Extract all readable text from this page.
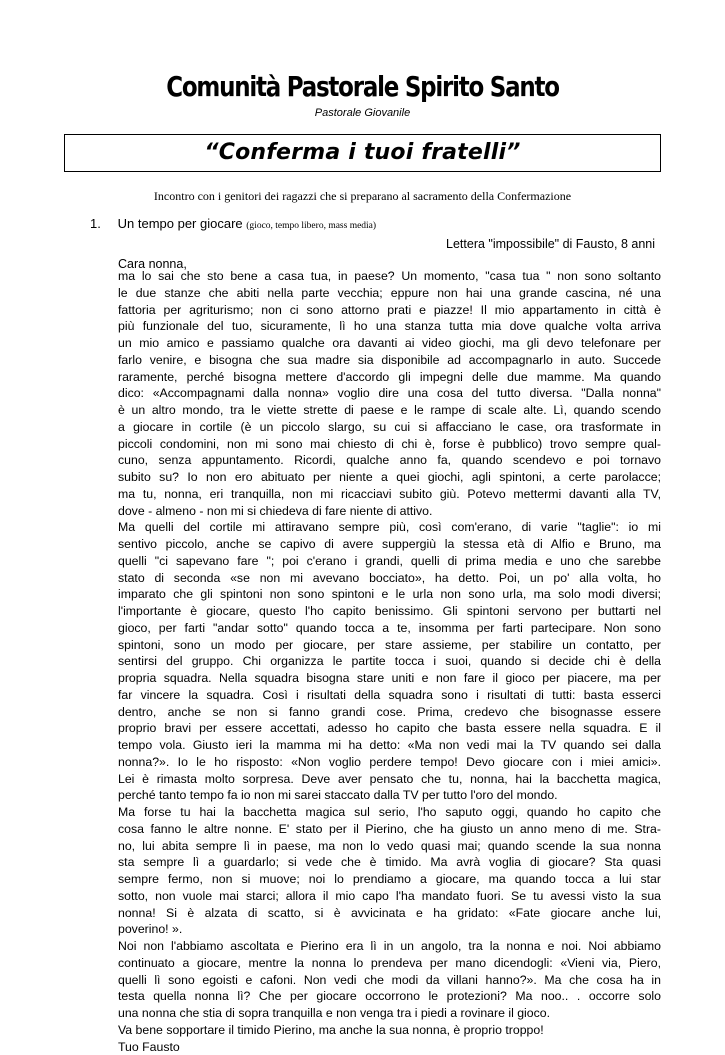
Comunità Pastorale Spirito Santo
Pastorale Giovanile
“Conferma i tuoi fratelli”
Incontro con i genitori dei ragazzi che si preparano al sacramento della Confermazione
1. Un tempo per giocare (gioco, tempo libero, mass media)
Lettera "impossibile" di Fausto, 8 anni
Cara nonna,
ma lo sai che sto bene a casa tua, in paese? Un momento, "casa tua " non sono soltanto
le due stanze che abiti nella parte vecchia; eppure non hai una grande cascina, né una
fattoria per agriturismo; non ci sono attorno prati e piazze! Il mio appartamento in città è
più funzionale del tuo, sicuramente, lì ho una stanza tutta mia dove qualche volta arriva
un mio amico e passiamo qualche ora davanti ai video giochi, ma gli devo telefonare per
farlo venire, e bisogna che sua madre sia disponibile ad accompagnarlo in auto. Succede
raramente, perché bisogna mettere d'accordo gli impegni delle due mamme. Ma quando
dico: «Accompagnami dalla nonna» voglio dire una cosa del tutto diversa. "Dalla nonna"
è un altro mondo, tra le viette strette di paese e le rampe di scale alte. Lì, quando scendo
a giocare in cortile (è un piccolo slargo, su cui si affacciano le case, ora trasformate in
piccoli condomini, non mi sono mai chiesto di chi è, forse è pubblico) trovo sempre qual-
cuno, senza appuntamento. Ricordi, qualche anno fa, quando scendevo e poi tornavo
subito su? Io non ero abituato per niente a quei giochi, agli spintoni, a certe parolacce;
ma tu, nonna, eri tranquilla, non mi ricacciavi subito giù. Potevo mettermi davanti alla TV,
dove - almeno - non mi si chiedeva di fare niente di attivo.
Ma quelli del cortile mi attiravano sempre più, così com'erano, di varie "taglie": io mi
sentivo piccolo, anche se capivo di avere suppergiù la stessa età di Alfio e Bruno, ma
quelli "ci sapevano fare "; poi c'erano i grandi, quelli di prima media e uno che sarebbe
stato di seconda «se non mi avevano bocciato», ha detto. Poi, un po' alla volta, ho
imparato che gli spintoni non sono spintoni e le urla non sono urla, ma solo modi diversi;
l'importante è giocare, questo l'ho capito benissimo. Gli spintoni servono per buttarti nel
gioco, per farti "andar sotto" quando tocca a te, insomma per farti partecipare. Non sono
spintoni, sono un modo per giocare, per stare assieme, per stabilire un contatto, per
sentirsi del gruppo. Chi organizza le partite tocca i suoi, quando si decide chi è della
propria squadra. Nella squadra bisogna stare uniti e non fare il gioco per piacere, ma per
far vincere la squadra. Così i risultati della squadra sono i risultati di tutti: basta esserci
dentro, anche se non si fanno grandi cose. Prima, credevo che bisognasse essere
proprio bravi per essere accettati, adesso ho capito che basta essere nella squadra. E il
tempo vola. Giusto ieri la mamma mi ha detto: «Ma non vedi mai la TV quando sei dalla
nonna?». Io le ho risposto: «Non voglio perdere tempo! Devo giocare con i miei amici».
Lei è rimasta molto sorpresa. Deve aver pensato che tu, nonna, hai la bacchetta magica,
perché tanto tempo fa io non mi sarei staccato dalla TV per tutto l'oro del mondo.
Ma forse tu hai la bacchetta magica sul serio, l'ho saputo oggi, quando ho capito che
cosa fanno le altre nonne. E' stato per il Pierino, che ha giusto un anno meno di me. Stra-
no, lui abita sempre lì in paese, ma non lo vedo quasi mai; quando scende la sua nonna
sta sempre lì a guardarlo; si vede che è timido. Ma avrà voglia di giocare? Sta quasi
sempre fermo, non si muove; noi lo prendiamo a giocare, ma quando tocca a lui star
sotto, non vuole mai starci; allora il mio capo l'ha mandato fuori. Se tu avessi visto la sua
nonna! Si è alzata di scatto, si è avvicinata e ha gridato: «Fate giocare anche lui,
poverino! ».
Noi non l'abbiamo ascoltata e Pierino era lì in un angolo, tra la nonna e noi. Noi abbiamo
continuato a giocare, mentre la nonna lo prendeva per mano dicendogli: «Vieni via, Piero,
quelli lì sono egoisti e cafoni. Non vedi che modi da villani hanno?». Ma che cosa ha in
testa quella nonna lì? Che per giocare occorrono le protezioni? Ma noo.. . occorre solo
una nonna che stia di sopra tranquilla e non venga tra i piedi a rovinare il gioco.
Va bene sopportare il timido Pierino, ma anche la sua nonna, è proprio troppo!
Tuo Fausto
